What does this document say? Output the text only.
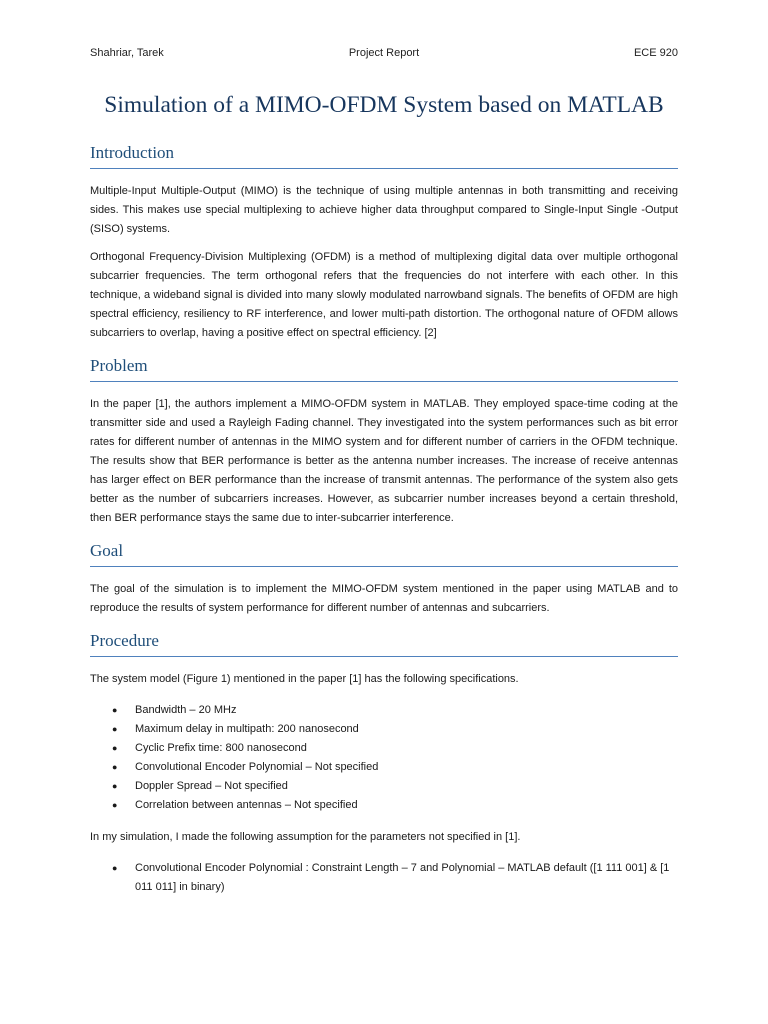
Shahriar, Tarek	Project Report	ECE 920
Simulation of a MIMO-OFDM System based on MATLAB
Introduction

Multiple-Input Multiple-Output (MIMO) is the technique of using multiple antennas in both transmitting and receiving sides. This makes use special multiplexing to achieve higher data throughput compared to Single-Input Single -Output (SISO) systems.

Orthogonal Frequency-Division Multiplexing (OFDM) is a method of multiplexing digital data over multiple orthogonal subcarrier frequencies. The term orthogonal refers that the frequencies do not interfere with each other. In this technique, a wideband signal is divided into many slowly modulated narrowband signals. The benefits of OFDM are high spectral efficiency, resiliency to RF interference, and lower multi-path distortion. The orthogonal nature of OFDM allows subcarriers to overlap, having a positive effect on spectral efficiency. [2]

Problem

In the paper [1], the authors implement a MIMO-OFDM system in MATLAB. They employed space-time coding at the transmitter side and used a Rayleigh Fading channel. They investigated into the system performances such as bit error rates for different number of antennas in the MIMO system and for different number of carriers in the OFDM technique. The results show that BER performance is better as the antenna number increases. The increase of receive antennas has larger effect on BER performance than the increase of transmit antennas. The performance of the system also gets better as the number of subcarriers increases. However, as subcarrier number increases beyond a certain threshold, then BER performance stays the same due to inter-subcarrier interference.

Goal

The goal of the simulation is to implement the MIMO-OFDM system mentioned in the paper using MATLAB and to reproduce the results of system performance for different number of antennas and subcarriers.

Procedure

The system model (Figure 1) mentioned in the paper [1] has the following specifications.

● Bandwidth – 20 MHz
● Maximum delay in multipath: 200 nanosecond
● Cyclic Prefix time: 800 nanosecond
● Convolutional Encoder Polynomial – Not specified
● Doppler Spread – Not specified
● Correlation between antennas – Not specified

In my simulation, I made the following assumption for the parameters not specified in [1].

● Convolutional Encoder Polynomial : Constraint Length – 7 and Polynomial – MATLAB default ([1 111 001] & [1 011 011] in binary)
